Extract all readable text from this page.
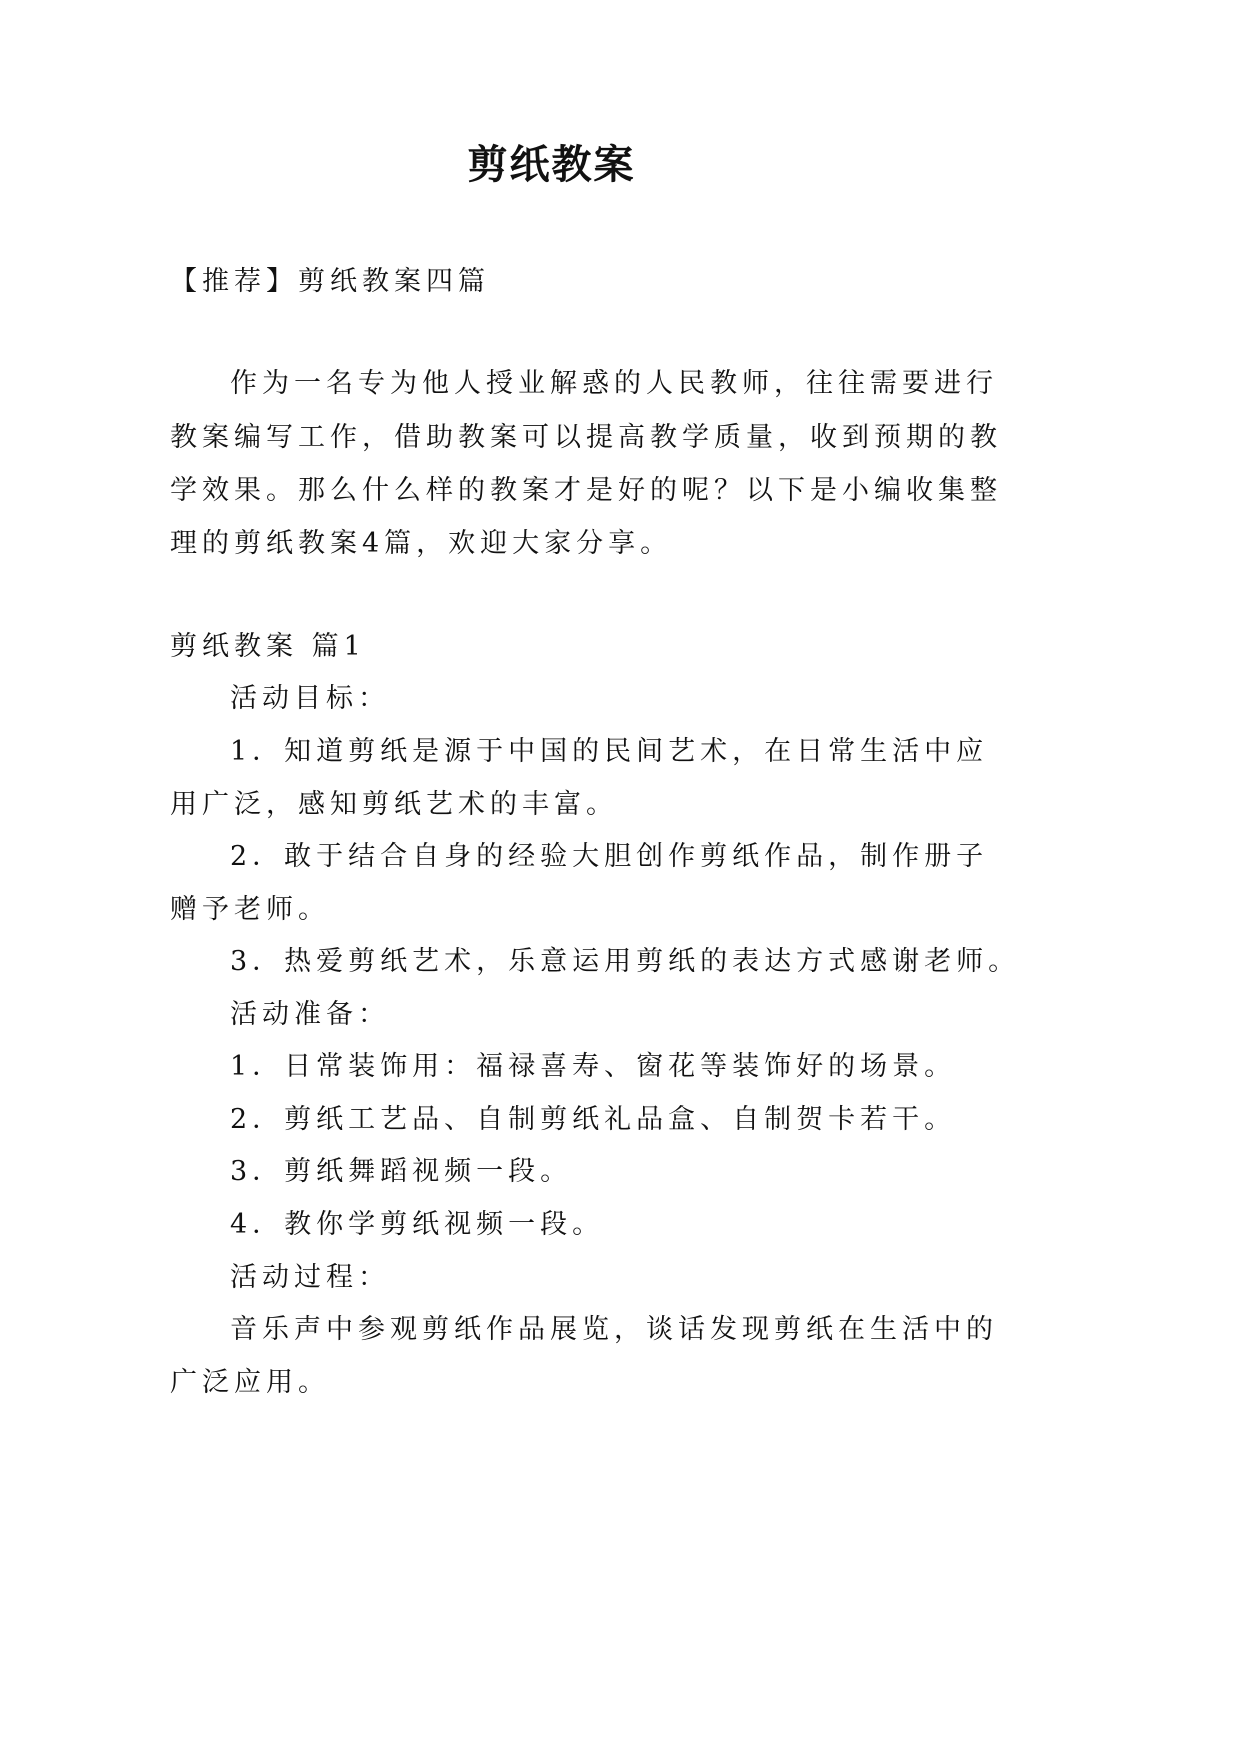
剪纸教案

【推荐】剪纸教案四篇

作为一名专为他人授业解惑的人民教师，往往需要进行

教案编写工作，借助教案可以提高教学质量，收到预期的教

学效果。那么什么样的教案才是好的呢？以下是小编收集整

理的剪纸教案4篇，欢迎大家分享。

剪纸教案 篇1

活动目标：

1．知道剪纸是源于中国的民间艺术，在日常生活中应

用广泛，感知剪纸艺术的丰富。

2．敢于结合自身的经验大胆创作剪纸作品，制作册子

赠予老师。

3．热爱剪纸艺术，乐意运用剪纸的表达方式感谢老师。

活动准备：

1．日常装饰用：福禄喜寿、窗花等装饰好的场景。

2．剪纸工艺品、自制剪纸礼品盒、自制贺卡若干。

3．剪纸舞蹈视频一段。

4．教你学剪纸视频一段。

活动过程：

音乐声中参观剪纸作品展览，谈话发现剪纸在生活中的

广泛应用。
